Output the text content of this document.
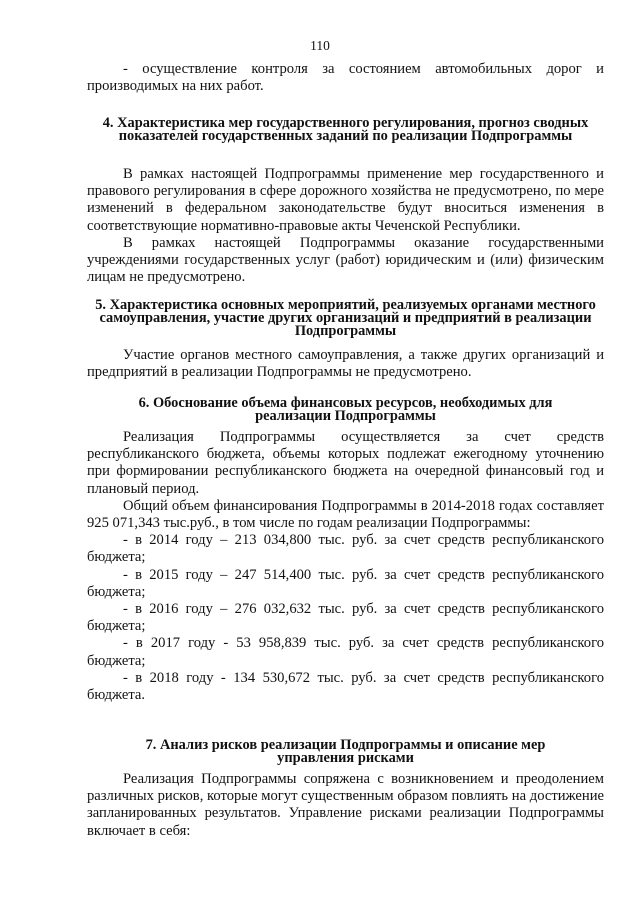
110

- осуществление контроля за состоянием автомобильных дорог и производимых на них работ.

4. Характеристика мер государственного регулирования, прогноз сводных показателей государственных заданий по реализации Подпрограммы

В рамках настоящей Подпрограммы применение мер государственного и правового регулирования в сфере дорожного хозяйства не предусмотрено, по мере изменений в федеральном законодательстве будут вноситься изменения в соответствующие нормативно-правовые акты Чеченской Республики.

В рамках настоящей Подпрограммы оказание государственными учреждениями государственных услуг (работ) юридическим и (или) физическим лицам не предусмотрено.

5. Характеристика основных мероприятий, реализуемых органами местного самоуправления, участие других организаций и предприятий в реализации Подпрограммы

Участие органов местного самоуправления, а также других организаций и предприятий в реализации Подпрограммы не предусмотрено.

6. Обоснование объема финансовых ресурсов, необходимых для реализации Подпрограммы

Реализация Подпрограммы осуществляется за счет средств республиканского бюджета, объемы которых подлежат ежегодному уточнению при формировании республиканского бюджета на очередной финансовый год и плановый период.

Общий объем финансирования Подпрограммы в 2014-2018 годах составляет 925 071,343 тыс.руб., в том числе по годам реализации Подпрограммы:

- в 2014 году – 213 034,800 тыс. руб. за счет средств республиканского бюджета;

- в 2015 году – 247 514,400 тыс. руб. за счет средств республиканского бюджета;

- в 2016 году – 276 032,632 тыс. руб. за счет средств республиканского бюджета;

- в 2017 году - 53 958,839 тыс. руб. за счет средств республиканского бюджета;

- в 2018 году - 134 530,672 тыс. руб. за счет средств республиканского бюджета.

7. Анализ рисков реализации Подпрограммы и описание мер управления рисками

Реализация Подпрограммы сопряжена с возникновением и преодолением различных рисков, которые могут существенным образом повлиять на достижение запланированных результатов. Управление рисками реализации Подпрограммы включает в себя:
